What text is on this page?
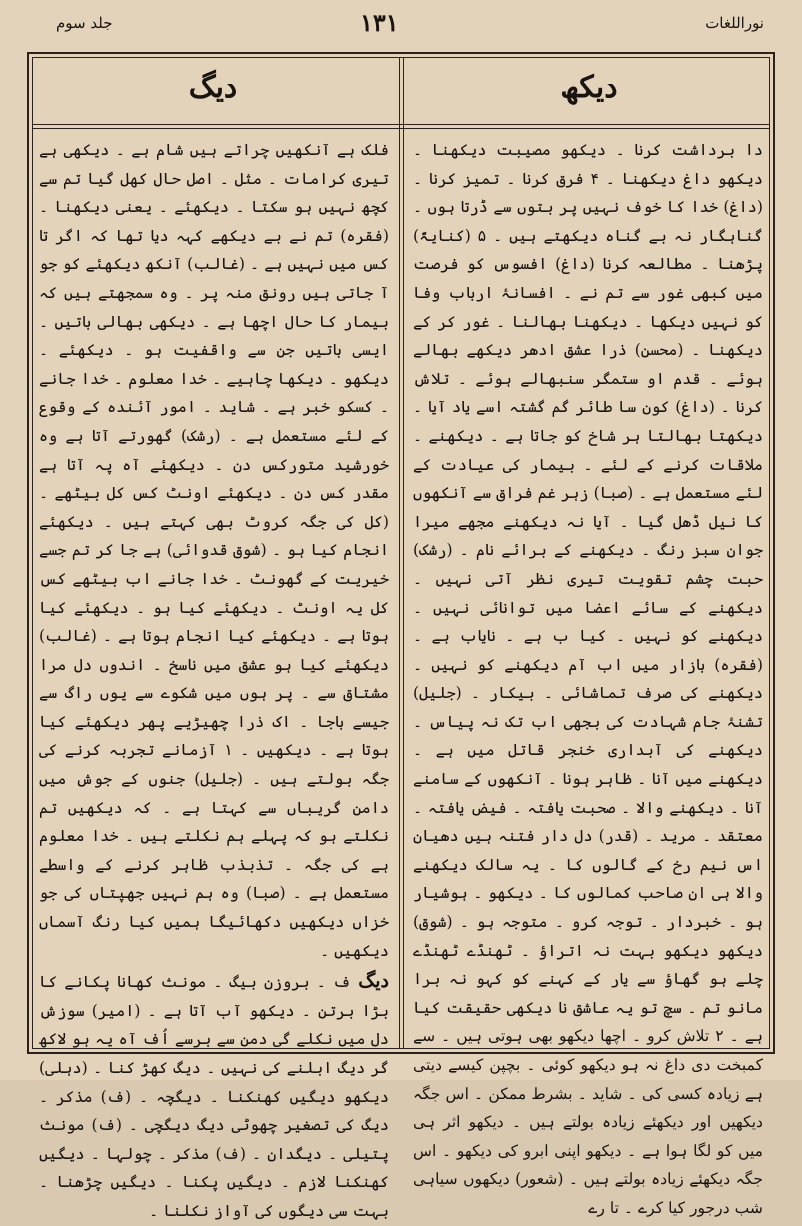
جلد سوم	۱۳۱	نوراللغات
دیگ	دیکھ

دا برداشت کرنا ۔ دیکھو مصیبت دیکھنا ۔ دیکھو داغ دیکھنا ۔ ۴ فرق کرنا ۔ تمیز کرنا ۔ (داغ) خدا کا خوف نہیں پر بتوں سے ڈرتا ہوں ۔ گناہگار نہ بے گناہ دیکھتے ہیں ۔ ۵ (کنایۃً) پڑھنا ۔ مطالعہ کرنا (داغ) افسوس کو فرصت میں کبھی غور سے تم نے ۔ افسانۂ ارباب وفا کو نہیں دیکھا ۔ دیکھنا بھالنا ۔ غور کر کے دیکھنا ۔ (محسن) ذرا عشق ادھر دیکھے بھالے ہوئے ۔ قدم او ستمگر سنبھالے ہوئے ۔ تلاش کرنا ۔ (داغ) کون سا طائر گم گشتہ اسے یاد آیا ۔ دیکھتا بھالتا ہر شاخ کو جاتا ہے ۔ دیکھنے ۔ ملاقات کرنے کے لئے ۔ بیمار کی عیادت کے لئے مستعمل ہے ۔ (صبا) زہر غم فراق سے آنکھوں کا نیل ڈھل گیا ۔ آیا نہ دیکھنے مجھے میرا جوان سبز رنگ ۔ دیکھنے کے برائے نام ۔ (رشک) حبت چشم تقویت تیری نظر آتی نہیں ۔ دیکھنے کے سائے اعضا میں توانائی نہیں ۔ دیکھنے کو نہیں ۔ کیا ب ہے ۔ نایاب ہے ۔ (فقرہ) بازار میں اب آم دیکھنے کو نہیں ۔ دیکھنے کی صرف تماشائی ۔ بیکار ۔ (جلیل) تشنۂ جام شہادت کی بجھی اب تک نہ پیاس ۔ دیکھنے کی آبداری خنجر قاتل میں ہے ۔ دیکھنے میں آنا ۔ ظاہر ہونا ۔ آنکھوں کے سامنے آنا ۔ دیکھنے والا ۔ صحبت یافتہ ۔ فیض یافتہ ۔ معتقد ۔ مرید ۔ (قدر) دل دار فتنہ ہیں دھیان اس نیم رخ کے گالوں کا ۔ یہ سالک دیکھنے والا ہی ان صاحب کمالوں کا ۔ دیکھو ۔ ہوشیار ہو ۔ خبردار ۔ توجہ کرو ۔ متوجہ ہو ۔ (شوق) دیکھو دیکھو بہت نہ اتراؤ ۔ ٹھنڈے ٹھنڈے چلے ہو گھاؤ سے یار کے کہنے کو کہو نہ برا مانو تم ۔ سچ تو یہ عاشق نا دیکھی حقیقت کیا ہے ۔ ۲ تلاش کرو ۔ اچھا دیکھو بھی ہوتی ہیں ۔ سے کمبخت دی داغ نہ ہو دیکھو کوئی ۔ بچپن کیسے دیتی ہے زیادہ کسی کی ۔ شاید ۔ بشرط ممکن ۔ اس جگہ دیکھیں اور دیکھئے زیادہ بولتے ہیں ۔ دیکھو اثر ہی میں کو لگا ہوا ہے ۔ دیکھو اپنی ابرو کی دیکھو ۔ اس جگہ دیکھئے زیادہ بولتے ہیں ۔ (شعور) دیکھوں سیاہی شب درجور کیا کرے ۔ تا رے

فلک ہے آنکھیں چراتے ہیں شام ہے ۔ دیکھی ہے تیری کرامات ۔ مثل ۔ اصل حال کھل گیا تم سے کچھ نہیں ہو سکتا ۔ دیکھئے ۔ یعنی دیکھنا ۔ (فقرہ) تم نے بے دیکھے کہہ دیا تھا کہ اگر تا کس میں نہیں ہے ۔ (غالب) آنکھ دیکھئے کو جو آ جاتی ہیں رونق منہ پر ۔ وہ سمجھتے ہیں کہ بیمار کا حال اچھا ہے ۔ دیکھی بھالی باتیں ۔ ایسی باتیں جن سے واقفیت ہو ۔ دیکھئے ۔ دیکھو ۔ دیکھا چاہیے ۔ خدا معلوم ۔ خدا جانے ۔ کسکو خبر ہے ۔ شاید ۔ امور آئندہ کے وقوع کے لئے مستعمل ہے ۔ (رشک) گھورتے آتا ہے وہ خورشید متورکس دن ۔ دیکھئے آہ پہ آتا ہے مقدر کس دن ۔ دیکھئے اونٹ کس کل بیٹھے ۔ (کل کی جگہ کروٹ بھی کہتے ہیں ۔ دیکھئے انجام کیا ہو ۔ (شوق قدوائی) ہے جا کر تم جسے خیریت کے گھونٹ ۔ خدا جانے اب بیٹھے کس کل یہ اونٹ ۔ دیکھئے کیا ہو ۔ دیکھئے کیا ہوتا ہے ۔ دیکھئے کیا انجام ہوتا ہے ۔ (غالب) دیکھئے کیا ہو عشق میں ناسخ ۔ اندوں دل مرا مشتاق سے ۔ پر ہوں میں شکوے سے یوں راگ سے جیسے باجا ۔ اک ذرا چھیڑیے پھر دیکھئے کیا ہوتا ہے ۔ دیکھیں ۔ ۱ آزمانے تجربہ کرنے کی جگہ بولتے ہیں ۔ (جلیل) جنوں کے جوش میں دامن گریباں سے کہتا ہے ۔ کہ دیکھیں تم نکلتے ہو کہ پہلے ہم نکلتے ہیں ۔ خدا معلوم ہے کی جگہ ۔ تذبذب ظاہر کرنے کے واسطے مستعمل ہے ۔ (صبا) وہ ہم نہیں جھپتاں کی جو خزاں دیکھیں دکھائیگا ہمیں کیا رنگ آسماں دیکھیں ۔

دیگ ف ۔ بروزن بیگ ۔ مونث کھانا پکانے کا بڑا برتن ۔ دیکھو آب آتا ہے ۔ (امیر) سوزش دل میں نکلے گی دمن سے برسے اُف آہ یہ ہو لاکھ گر دیگ ابلنے کی نہیں ۔ دیگ کھڑ کنا ۔ (دہلی) دیکھو دیگیں کھنکنا ۔ دیگچہ ۔ (ف) مذکر ۔ دیگ کی تصغیر چھوٹی دیگ دیگچی ۔ (ف) مونث پتیلی ۔ دیگدان ۔ (ف) مذکر ۔ چولہا ۔ دیگیں کھنکنا لازم ۔ دیگیں پکنا ۔ دیگیں چڑھنا ۔ بہت سی دیگوں کی آواز نکلنا ۔
